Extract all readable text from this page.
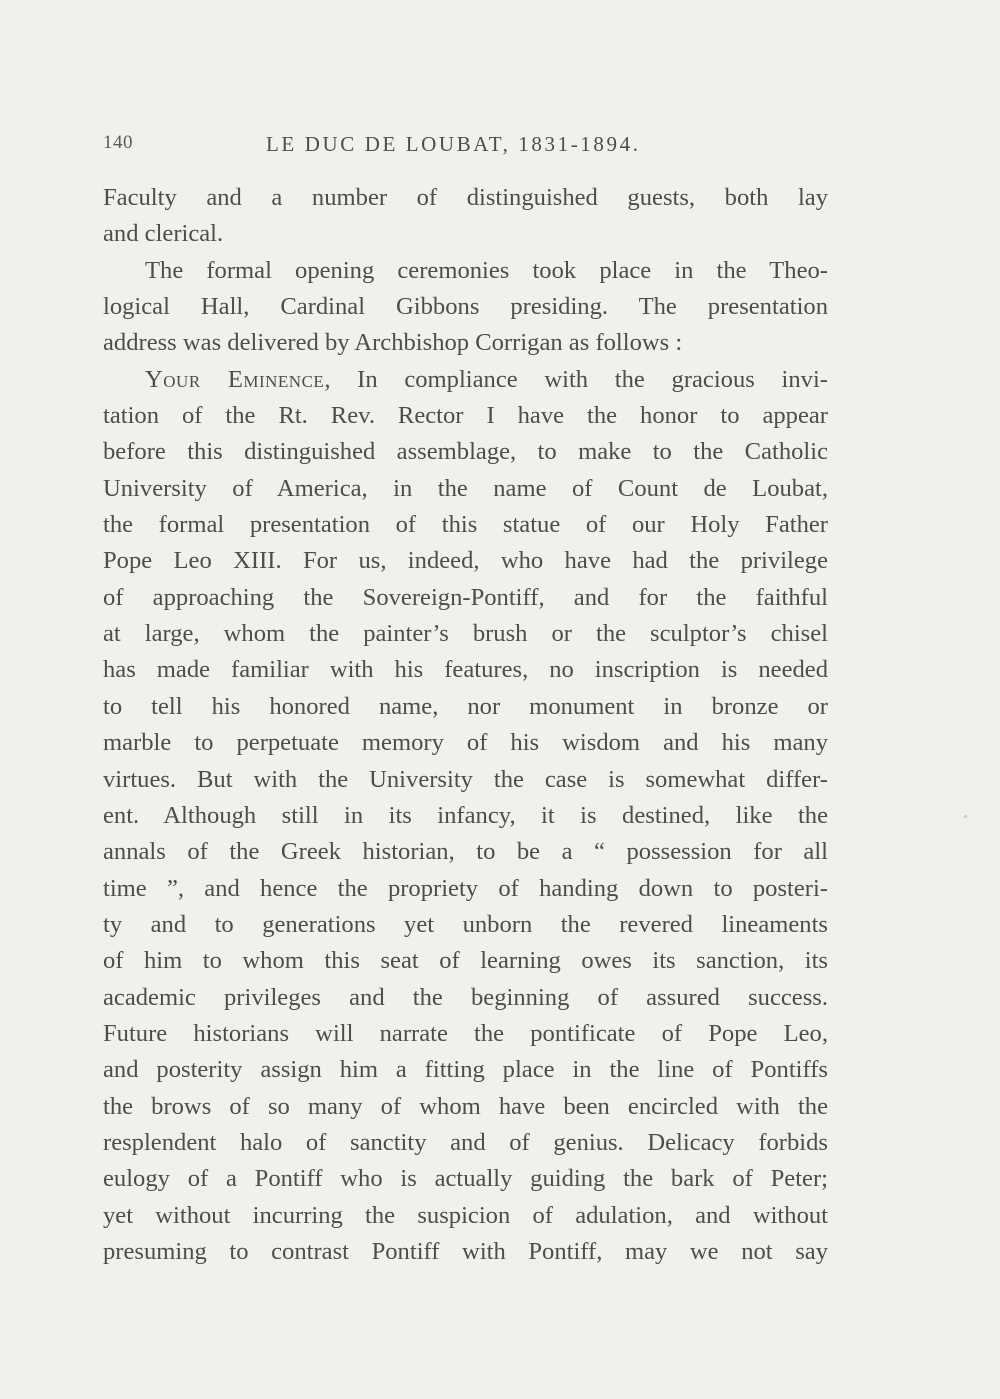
140	LE DUC DE LOUBAT, 1831-1894.
Faculty and a number of distinguished guests, both lay
and clerical.
The formal opening ceremonies took place in the Theo-
logical Hall, Cardinal Gibbons presiding. The presentation
address was delivered by Archbishop Corrigan as follows :
Your Eminence, In compliance with the gracious invi-
tation of the Rt. Rev. Rector I have the honor to appear
before this distinguished assemblage, to make to the Catholic
University of America, in the name of Count de Loubat,
the formal presentation of this statue of our Holy Father
Pope Leo XIII. For us, indeed, who have had the privilege
of approaching the Sovereign-Pontiff, and for the faithful
at large, whom the painter’s brush or the sculptor’s chisel
has made familiar with his features, no inscription is needed
to tell his honored name, nor monument in bronze or
marble to perpetuate memory of his wisdom and his many
virtues. But with the University the case is somewhat differ-
ent. Although still in its infancy, it is destined, like the
annals of the Greek historian, to be a “ possession for all
time ”, and hence the propriety of handing down to posteri-
ty and to generations yet unborn the revered lineaments
of him to whom this seat of learning owes its sanction, its
academic privileges and the beginning of assured success.
Future historians will narrate the pontificate of Pope Leo,
and posterity assign him a fitting place in the line of Pontiffs
the brows of so many of whom have been encircled with the
resplendent halo of sanctity and of genius. Delicacy forbids
eulogy of a Pontiff who is actually guiding the bark of Peter;
yet without incurring the suspicion of adulation, and without
presuming to contrast Pontiff with Pontiff, may we not say
